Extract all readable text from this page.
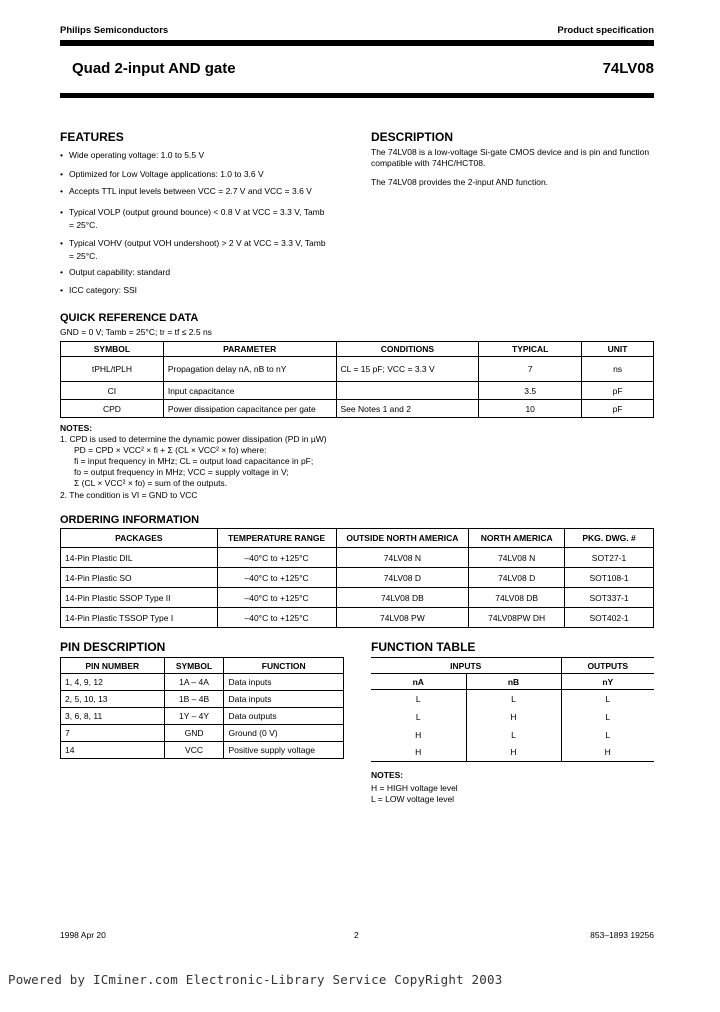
Philips Semiconductors	Product specification
Quad 2-input AND gate	74LV08
FEATURES
• Wide operating voltage: 1.0 to 5.5 V
• Optimized for Low Voltage applications: 1.0 to 3.6 V
• Accepts TTL input levels between VCC = 2.7 V and VCC = 3.6 V
• Typical VOLP (output ground bounce) < 0.8 V at VCC = 3.3 V, Tamb = 25°C.
• Typical VOHV (output VOH undershoot) > 2 V at VCC = 3.3 V, Tamb = 25°C.
• Output capability: standard
• ICC category: SSI
DESCRIPTION
The 74LV08 is a low-voltage Si-gate CMOS device and is pin and function compatible with 74HC/HCT08.
The 74LV08 provides the 2-input AND function.
QUICK REFERENCE DATA
GND = 0 V; Tamb = 25°C; tr = tf ≤ 2.5 ns
SYMBOL	PARAMETER	CONDITIONS	TYPICAL	UNIT
tPHL/tPLH	Propagation delay nA, nB to nY	CL = 15 pF; VCC = 3.3 V	7	ns
CI	Input capacitance		3.5	pF
CPD	Power dissipation capacitance per gate	See Notes 1 and 2	10	pF
NOTES:
1. CPD is used to determine the dynamic power dissipation (PD in µW)
PD = CPD × VCC² × fi + Σ (CL × VCC² × fo) where:
fi = input frequency in MHz; CL = output load capacitance in pF;
fo = output frequency in MHz; VCC = supply voltage in V;
Σ (CL × VCC² × fo) = sum of the outputs.
2. The condition is VI = GND to VCC
ORDERING INFORMATION
PACKAGES	TEMPERATURE RANGE	OUTSIDE NORTH AMERICA	NORTH AMERICA	PKG. DWG. #
14-Pin Plastic DIL	–40°C to +125°C	74LV08 N	74LV08 N	SOT27-1
14-Pin Plastic SO	–40°C to +125°C	74LV08 D	74LV08 D	SOT108-1
14-Pin Plastic SSOP Type II	–40°C to +125°C	74LV08 DB	74LV08 DB	SOT337-1
14-Pin Plastic TSSOP Type I	–40°C to +125°C	74LV08 PW	74LV08PW DH	SOT402-1
PIN DESCRIPTION
PIN NUMBER	SYMBOL	FUNCTION
1, 4, 9, 12	1A – 4A	Data inputs
2, 5, 10, 13	1B – 4B	Data inputs
3, 6, 8, 11	1Y – 4Y	Data outputs
7	GND	Ground (0 V)
14	VCC	Positive supply voltage
FUNCTION TABLE
INPUTS		OUTPUTS
nA	nB	nY
L	L	L
L	H	L
H	L	L
H	H	H
NOTES:
H = HIGH voltage level
L = LOW voltage level
1998 Apr 20	2	853–1893 19256
Powered by ICminer.com Electronic-Library Service CopyRight 2003
